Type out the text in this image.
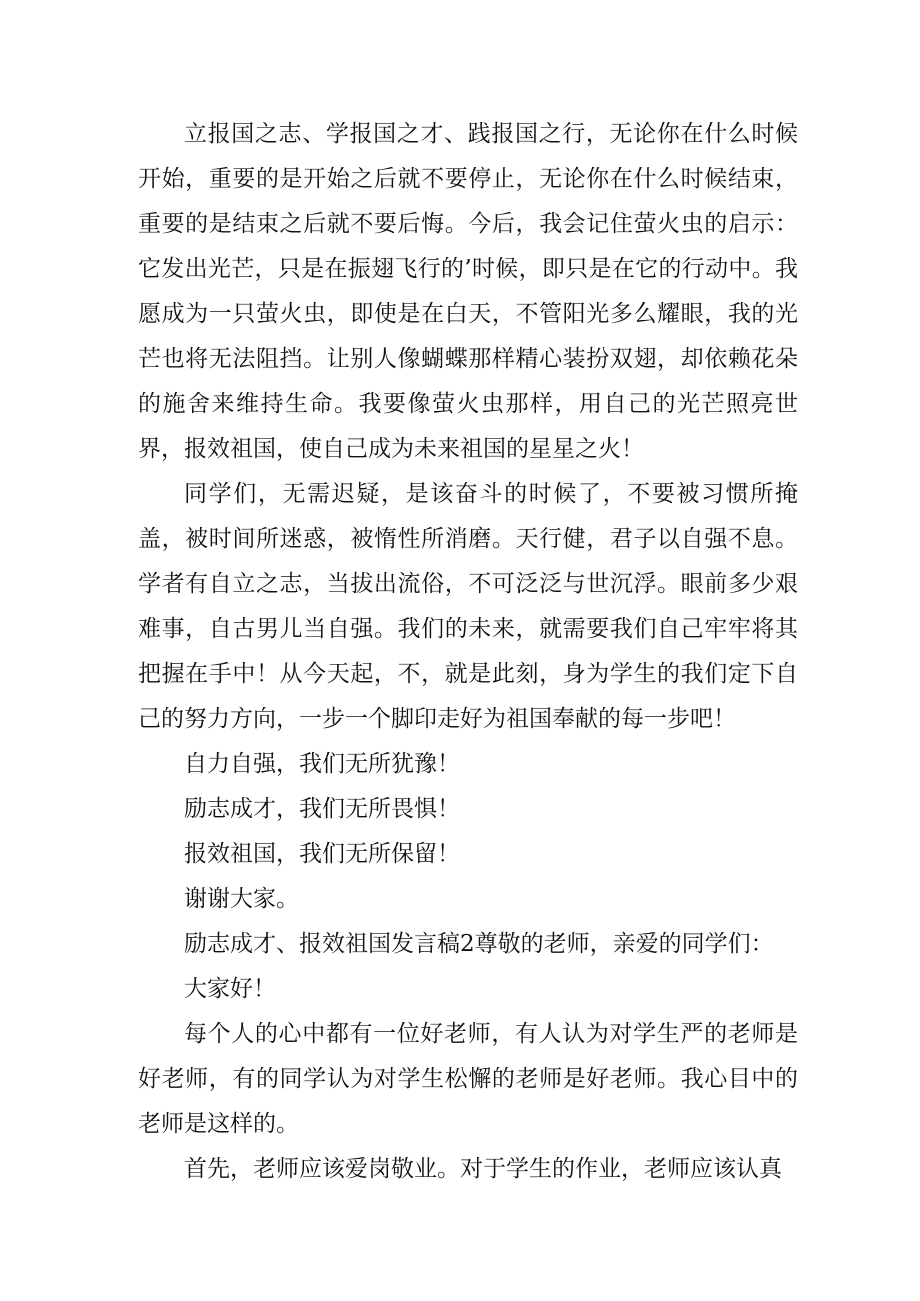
立报国之志、学报国之才、践报国之行，无论你在什么时候开始，重要的是开始之后就不要停止，无论你在什么时候结束，重要的是结束之后就不要后悔。今后，我会记住萤火虫的启示：它发出光芒，只是在振翅飞行的’时候，即只是在它的行动中。我愿成为一只萤火虫，即使是在白天，不管阳光多么耀眼，我的光芒也将无法阻挡。让别人像蝴蝶那样精心装扮双翅，却依赖花朵的施舍来维持生命。我要像萤火虫那样，用自己的光芒照亮世界，报效祖国，使自己成为未来祖国的星星之火！

同学们，无需迟疑，是该奋斗的时候了，不要被习惯所掩盖，被时间所迷惑，被惰性所消磨。天行健，君子以自强不息。学者有自立之志，当拔出流俗，不可泛泛与世沉浮。眼前多少艰难事，自古男儿当自强。我们的未来，就需要我们自己牢牢将其把握在手中！从今天起，不，就是此刻，身为学生的我们定下自己的努力方向，一步一个脚印走好为祖国奉献的每一步吧！

自力自强，我们无所犹豫！

励志成才，我们无所畏惧！

报效祖国，我们无所保留！

谢谢大家。

励志成才、报效祖国发言稿2尊敬的老师，亲爱的同学们：

大家好！

每个人的心中都有一位好老师，有人认为对学生严的老师是好老师，有的同学认为对学生松懈的老师是好老师。我心目中的老师是这样的。

首先，老师应该爱岗敬业。对于学生的作业，老师应该认真
